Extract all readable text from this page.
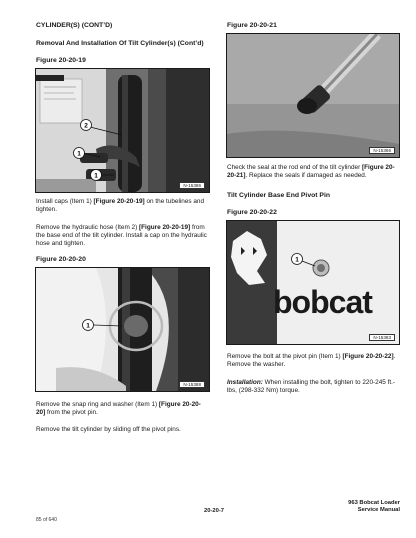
CYLINDER(S) (CONT’D)
Removal And Installation Of Tilt Cylinder(s) (Cont’d)
Figure 20-20-19
2
1
1
N-15386
Install caps (Item 1) [Figure 20-20-19] on the tubelines and tighten.
Remove the hydraulic hose (Item 2) [Figure 20-20-19] from the base end of the tilt cylinder. Install a cap on the hydraulic hose and tighten.
Figure 20-20-20
1
N-15388
Remove the snap ring and washer (Item 1) [Figure 20-20-20] from the pivot pin.
Remove the tilt cylinder by sliding off the pivot pins.
Figure 20-20-21
N-15366
Check the seal at the rod end of the tilt cylinder [Figure 20-20-21]. Replace the seals if damaged as needed.
Tilt Cylinder Base End Pivot Pin
Figure 20-20-22
1
bobcat
N-15383
Remove the bolt at the pivot pin (Item 1) [Figure 20-20-22]. Remove the washer.
Installation: When installing the bolt, tighten to 220-245 ft.-lbs, (298-332 Nm) torque.
20-20-7
963 Bobcat Loader
Service Manual
85 of 640
